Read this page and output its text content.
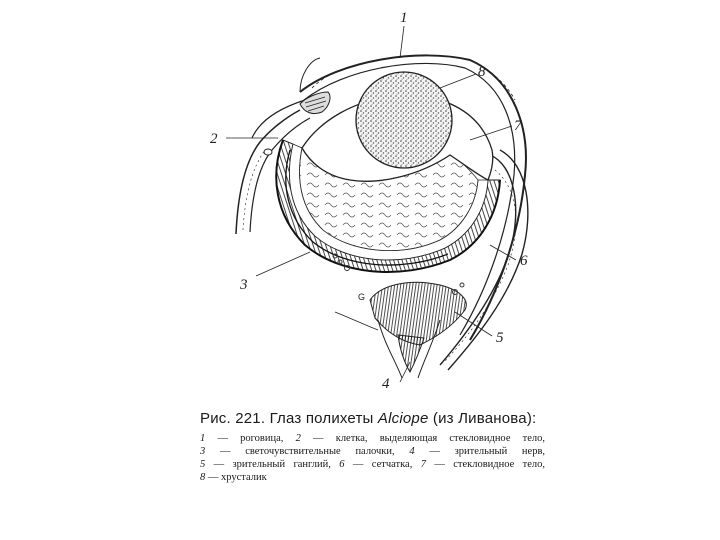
1
8
7
2
6
3
5
4
G
Рис. 221. Глаз полихеты Alciope (из Ливанова):
1 — роговица, 2 — клетка, выделяющая стекловидное тело, 3 — светочувствительные палочки, 4 — зрительный нерв, 5 — зрительный ганглий, 6 — сетчатка, 7 — стекловидное тело, 8 — хрусталик
